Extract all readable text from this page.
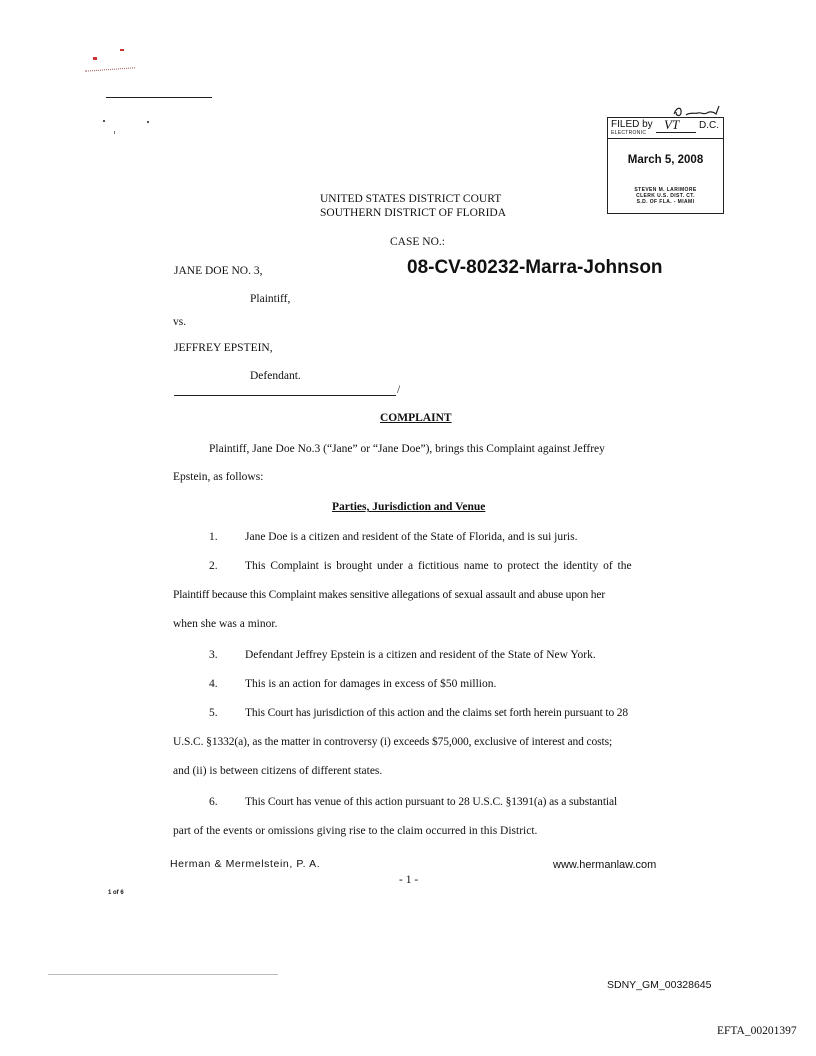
FILED by
ELECTRONIC
VT D.C.
March 5, 2008
STEVEN M. LARIMORE
CLERK U.S. DIST. CT.
S.D. OF FLA. - MIAMI
UNITED STATES DISTRICT COURT
SOUTHERN DISTRICT OF FLORIDA
CASE NO.:
08-CV-80232-Marra-Johnson
JANE DOE NO. 3,
Plaintiff,
vs.
JEFFREY EPSTEIN,
Defendant.
/
COMPLAINT
Plaintiff, Jane Doe No.3 (“Jane” or “Jane Doe”), brings this Complaint against Jeffrey
Epstein, as follows:
Parties, Jurisdiction and Venue
1. Jane Doe is a citizen and resident of the State of Florida, and is sui juris.
2. This Complaint is brought under a fictitious name to protect the identity of the
Plaintiff because this Complaint makes sensitive allegations of sexual assault and abuse upon her
when she was a minor.
3. Defendant Jeffrey Epstein is a citizen and resident of the State of New York.
4. This is an action for damages in excess of $50 million.
5. This Court has jurisdiction of this action and the claims set forth herein pursuant to 28
U.S.C. §1332(a), as the matter in controversy (i) exceeds $75,000, exclusive of interest and costs;
and (ii) is between citizens of different states.
6. This Court has venue of this action pursuant to 28 U.S.C. §1391(a) as a substantial
part of the events or omissions giving rise to the claim occurred in this District.
Herman & Mermelstein, P. A.
- 1 -
www.hermanlaw.com
1 of 6
SDNY_GM_00328645
EFTA_00201397
